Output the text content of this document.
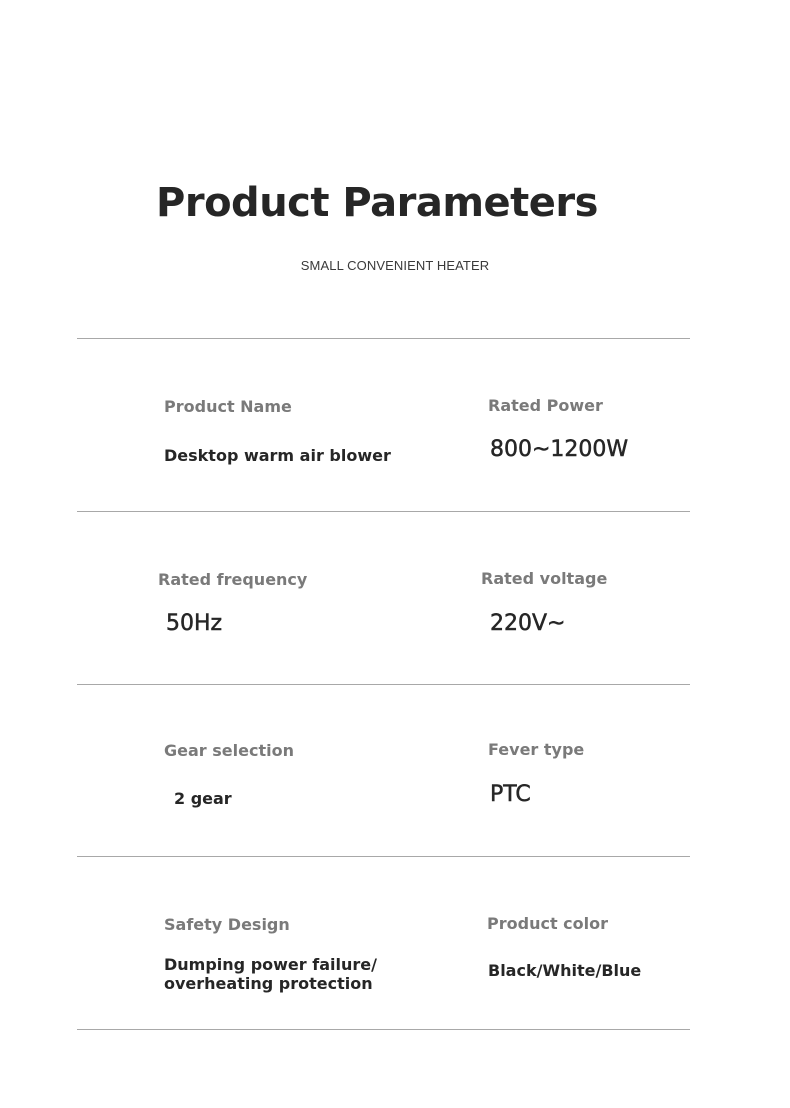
Product Parameters
SMALL CONVENIENT HEATER
Product Name
Desktop warm air blower
Rated Power
800~1200W
Rated frequency
50Hz
Rated voltage
220V~
Gear selection
2 gear
Fever type
PTC
Safety Design
Dumping power failure/
overheating protection
Product color
Black/White/Blue
